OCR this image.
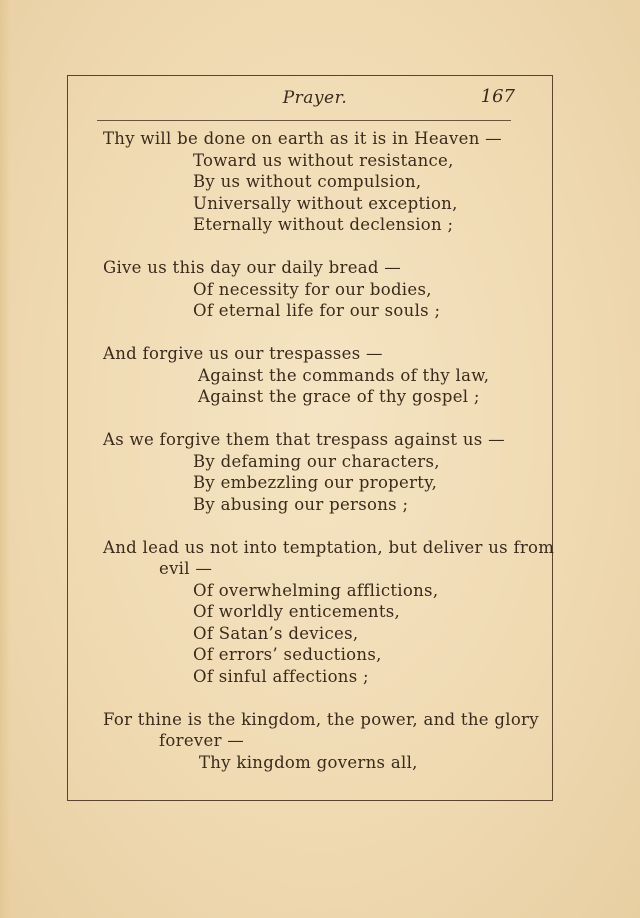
Prayer.	167
Thy will be done on earth as it is in Heaven —
Toward us without resistance,
By us without compulsion,
Universally without exception,
Eternally without declension ;
Give us this day our daily bread —
Of necessity for our bodies,
Of eternal life for our souls ;
And forgive us our trespasses —
Against the commands of thy law,
Against the grace of thy gospel ;
As we forgive them that trespass against us —
By defaming our characters,
By embezzling our property,
By abusing our persons ;
And lead us not into temptation, but deliver us from
evil —
Of overwhelming afflictions,
Of worldly enticements,
Of Satan’s devices,
Of errors’ seductions,
Of sinful affections ;
For thine is the kingdom, the power, and the glory
forever —
Thy kingdom governs all,
